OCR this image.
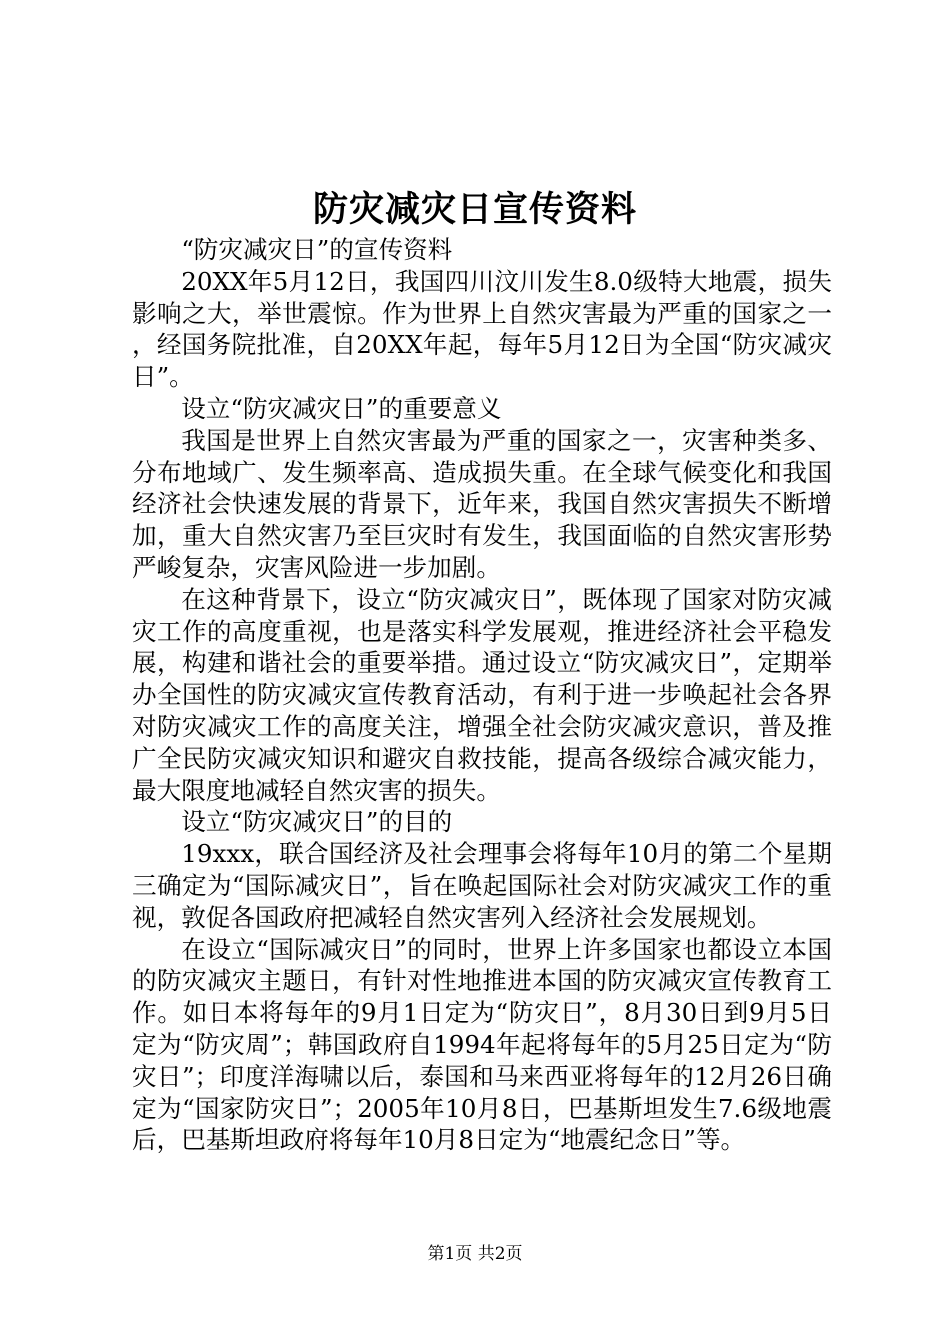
防灾减灾日宣传资料

“防灾减灾日”的宣传资料

20XX年5月12日，我国四川汶川发生8.0级特大地震，损失影响之大，举世震惊。作为世界上自然灾害最为严重的国家之一，经国务院批准，自20XX年起，每年5月12日为全国“防灾减灾日”。

设立“防灾减灾日”的重要意义

我国是世界上自然灾害最为严重的国家之一，灾害种类多、分布地域广、发生频率高、造成损失重。在全球气候变化和我国经济社会快速发展的背景下，近年来，我国自然灾害损失不断增加，重大自然灾害乃至巨灾时有发生，我国面临的自然灾害形势严峻复杂，灾害风险进一步加剧。

在这种背景下，设立“防灾减灾日”，既体现了国家对防灾减灾工作的高度重视，也是落实科学发展观，推进经济社会平稳发展，构建和谐社会的重要举措。通过设立“防灾减灾日”，定期举办全国性的防灾减灾宣传教育活动，有利于进一步唤起社会各界对防灾减灾工作的高度关注，增强全社会防灾减灾意识，普及推广全民防灾减灾知识和避灾自救技能，提高各级综合减灾能力，最大限度地减轻自然灾害的损失。

设立“防灾减灾日”的目的

19xxx，联合国经济及社会理事会将每年10月的第二个星期三确定为“国际减灾日”，旨在唤起国际社会对防灾减灾工作的重视，敦促各国政府把减轻自然灾害列入经济社会发展规划。

在设立“国际减灾日”的同时，世界上许多国家也都设立本国的防灾减灾主题日，有针对性地推进本国的防灾减灾宣传教育工作。如日本将每年的9月1日定为“防灾日”，8月30日到9月5日定为“防灾周”；韩国政府自1994年起将每年的5月25日定为“防灾日”；印度洋海啸以后，泰国和马来西亚将每年的12月26日确定为“国家防灾日”；2005年10月8日，巴基斯坦发生7.6级地震后，巴基斯坦政府将每年10月8日定为“地震纪念日”等。

第1页 共2页
